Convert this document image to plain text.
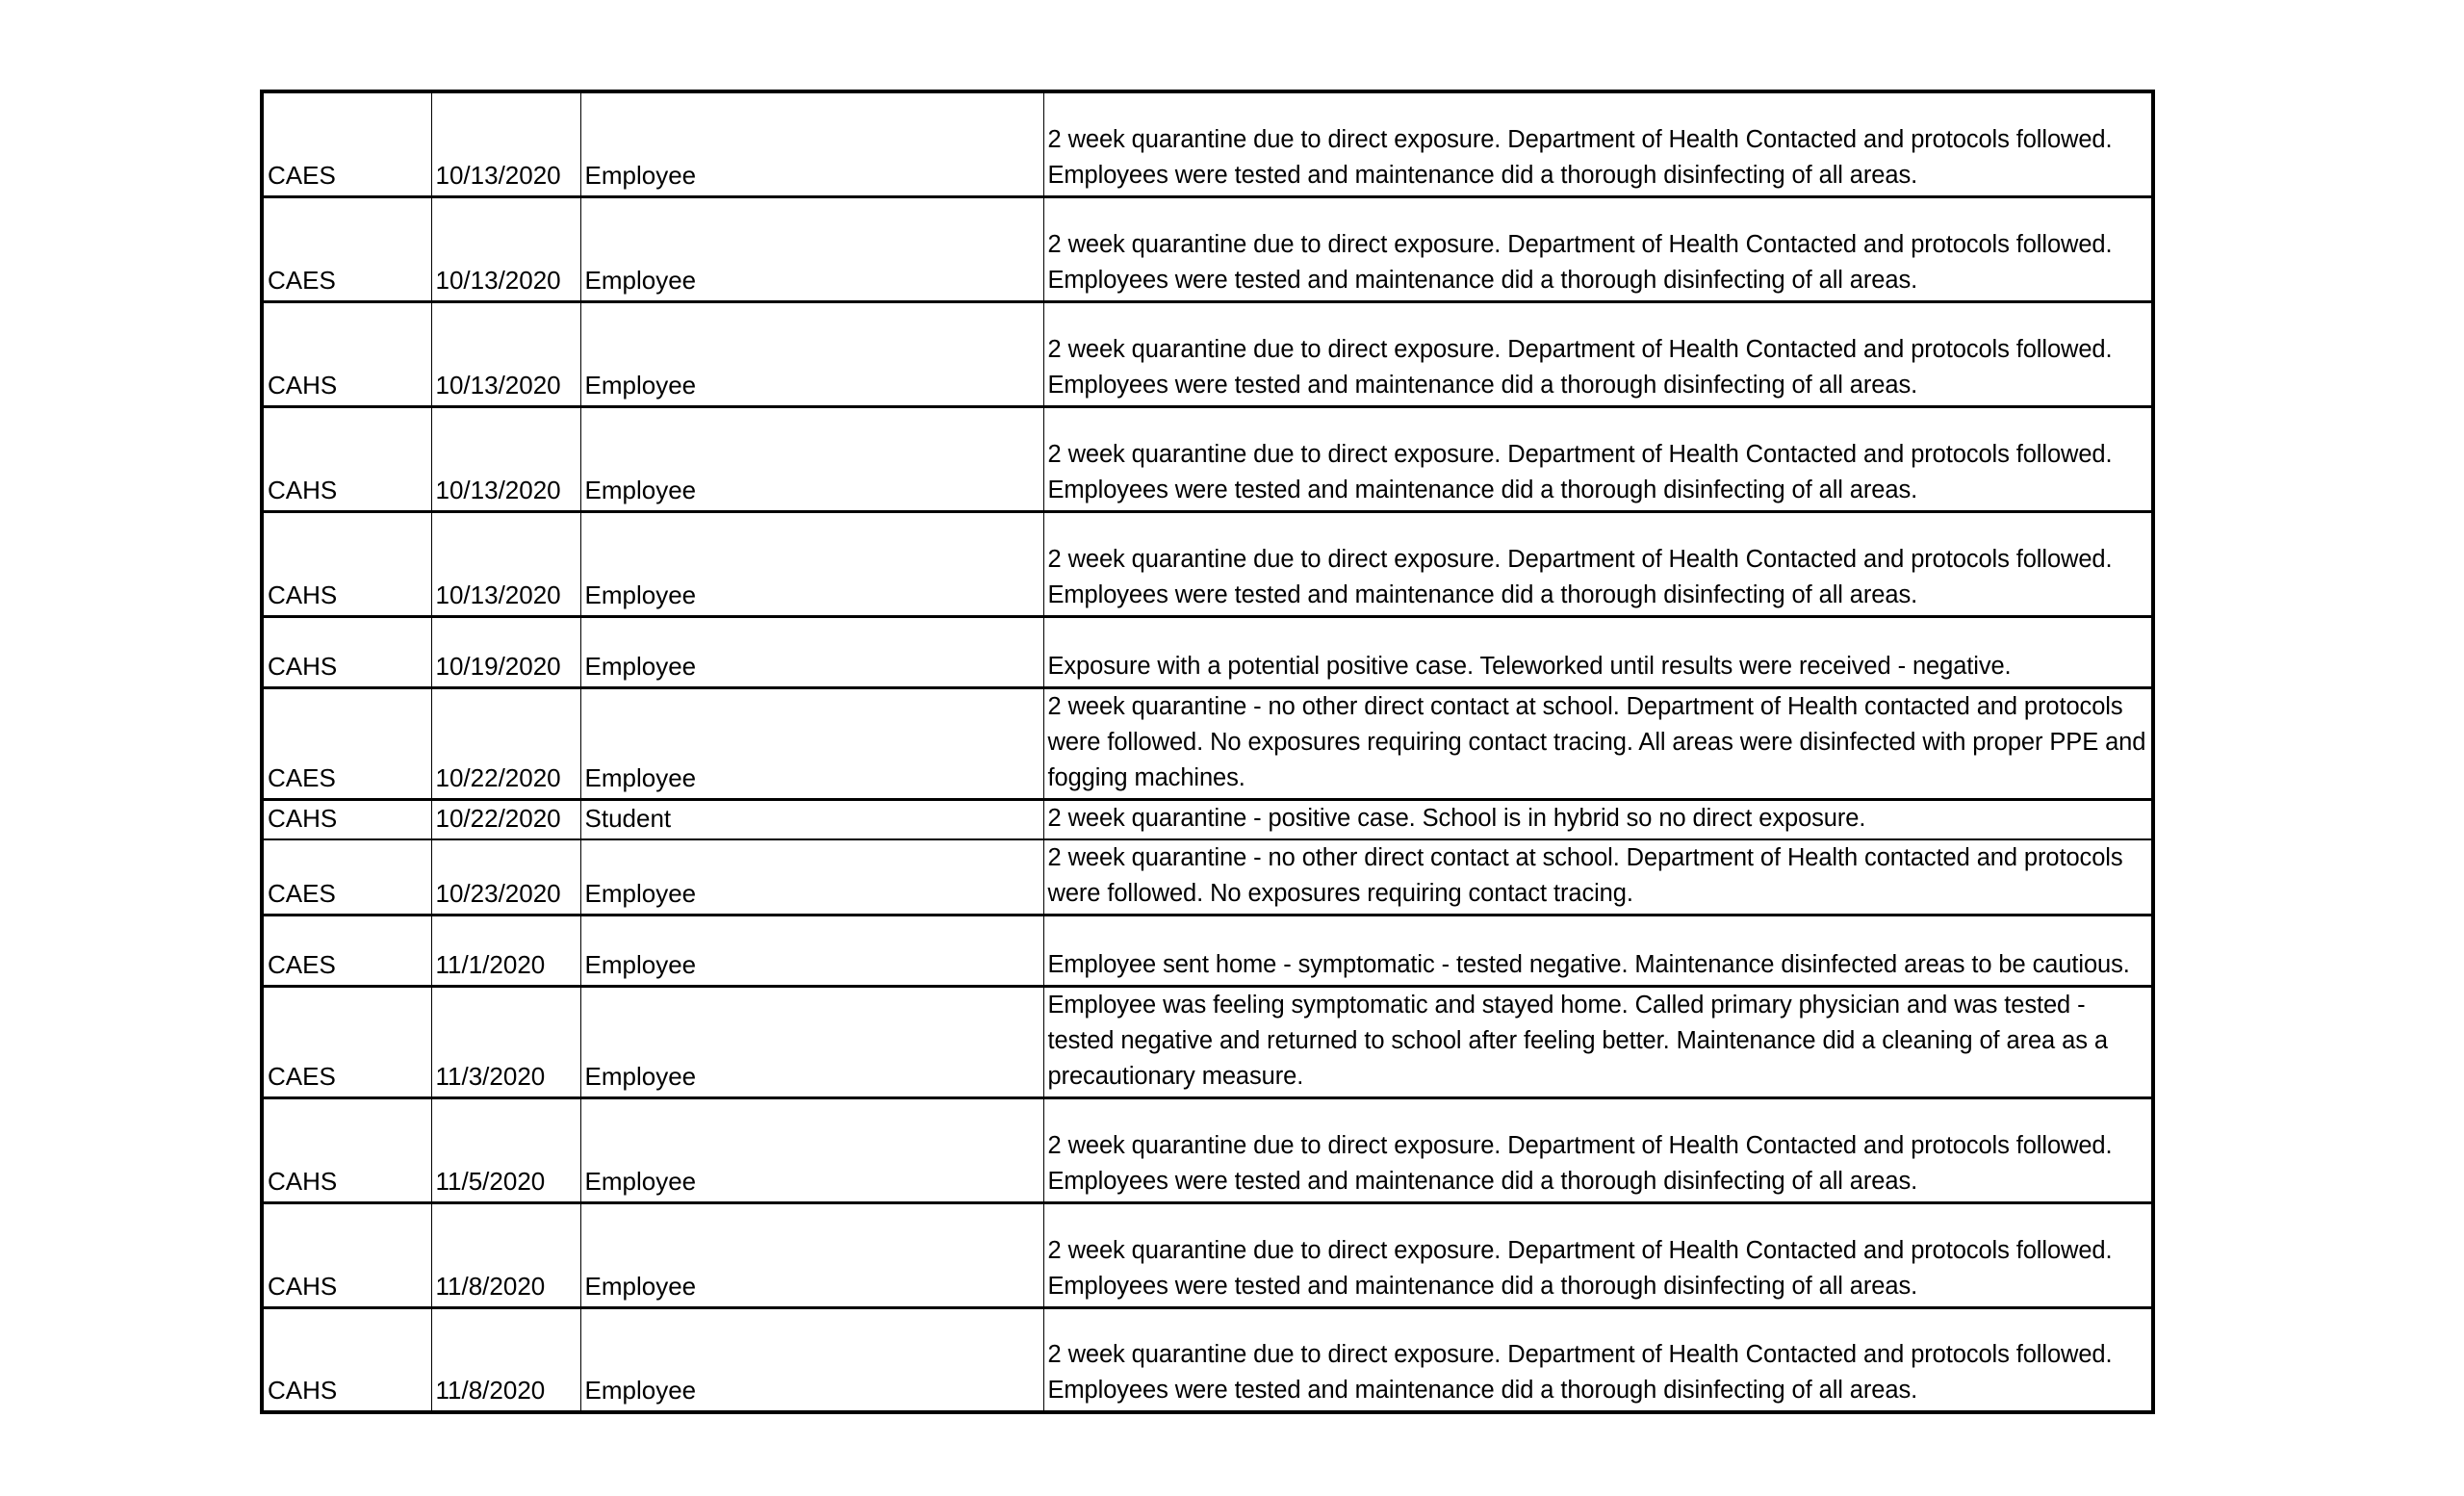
CAES	10/13/2020	Employee	2 week quarantine due to direct exposure. Department of Health Contacted and protocols followed. Employees were tested and maintenance did a thorough disinfecting of all areas.
CAES	10/13/2020	Employee	2 week quarantine due to direct exposure. Department of Health Contacted and protocols followed. Employees were tested and maintenance did a thorough disinfecting of all areas.
CAHS	10/13/2020	Employee	2 week quarantine due to direct exposure. Department of Health Contacted and protocols followed. Employees were tested and maintenance did a thorough disinfecting of all areas.
CAHS	10/13/2020	Employee	2 week quarantine due to direct exposure. Department of Health Contacted and protocols followed. Employees were tested and maintenance did a thorough disinfecting of all areas.
CAHS	10/13/2020	Employee	2 week quarantine due to direct exposure. Department of Health Contacted and protocols followed. Employees were tested and maintenance did a thorough disinfecting of all areas.
CAHS	10/19/2020	Employee	Exposure with a potential positive case. Teleworked until results were received - negative.
CAES	10/22/2020	Employee	2 week quarantine - no other direct contact at school. Department of Health contacted and protocols were followed. No exposures requiring contact tracing. All areas were disinfected with proper PPE and fogging machines.
CAHS	10/22/2020	Student	2 week quarantine - positive case. School is in hybrid so no direct exposure.
CAES	10/23/2020	Employee	2 week quarantine - no other direct contact at school. Department of Health contacted and protocols were followed. No exposures requiring contact tracing.
CAES	11/1/2020	Employee	Employee sent home - symptomatic - tested negative. Maintenance disinfected areas to be cautious.
CAES	11/3/2020	Employee	Employee was feeling symptomatic and stayed home. Called primary physician and was tested - tested negative and returned to school after feeling better. Maintenance did a cleaning of area as a precautionary measure.
CAHS	11/5/2020	Employee	2 week quarantine due to direct exposure. Department of Health Contacted and protocols followed. Employees were tested and maintenance did a thorough disinfecting of all areas.
CAHS	11/8/2020	Employee	2 week quarantine due to direct exposure. Department of Health Contacted and protocols followed. Employees were tested and maintenance did a thorough disinfecting of all areas.
CAHS	11/8/2020	Employee	2 week quarantine due to direct exposure. Department of Health Contacted and protocols followed. Employees were tested and maintenance did a thorough disinfecting of all areas.
